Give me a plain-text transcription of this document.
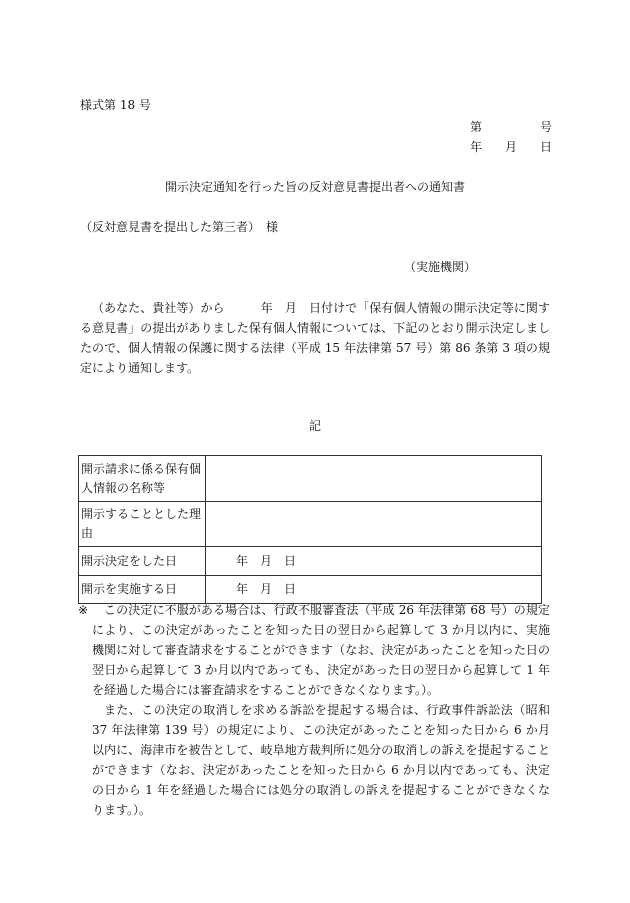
様式第 18 号
第	号
年 月 日
開示決定通知を行った旨の反対意見書提出者への通知書
（反対意見書を提出した第三者）　様
（実施機関）
（あなた、貴社等）から　　　年　月　日付けで「保有個人情報の開示決定等に関する意見書」の提出がありました保有個人情報については、下記のとおり開示決定しましたので、個人情報の保護に関する法律（平成 15 年法律第 57 号）第 86 条第 3 項の規定により通知します。
記
開示請求に係る保有個人情報の名称等	
開示することとした理由	
開示決定をした日	年　月　日
開示を実施する日	年　月　日
※	この決定に不服がある場合は、行政不服審査法（平成 26 年法律第 68 号）の規定により、この決定があったことを知った日の翌日から起算して 3 か月以内に、実施機関に対して審査請求をすることができます（なお、決定があったことを知った日の翌日から起算して 3 か月以内であっても、決定があった日の翌日から起算して 1 年を経過した場合には審査請求をすることができなくなります。）。
また、この決定の取消しを求める訴訟を提起する場合は、行政事件訴訟法（昭和 37 年法律第 139 号）の規定により、この決定があったことを知った日から 6 か月以内に、海津市を被告として、岐阜地方裁判所に処分の取消しの訴えを提起することができます（なお、決定があったことを知った日から 6 か月以内であっても、決定の日から 1 年を経過した場合には処分の取消しの訴えを提起することができなくなります。）。
